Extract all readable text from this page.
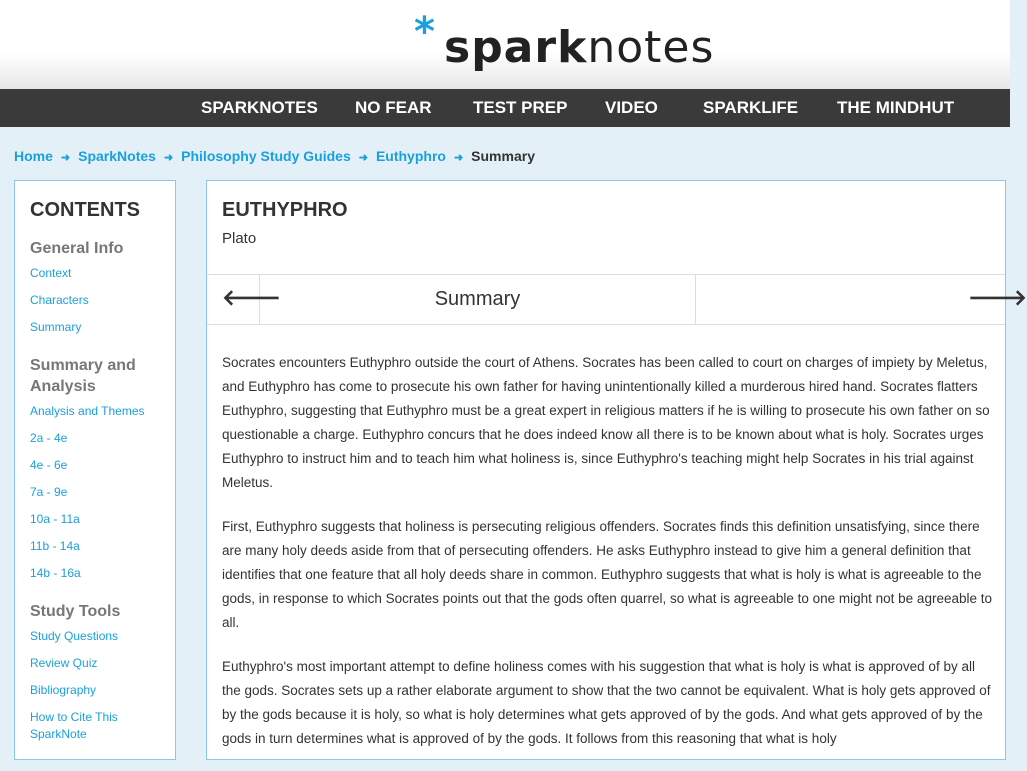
* sparknotes
SPARKNOTES NO FEAR TEST PREP VIDEO	SPARKLIFE THE MINDHUT
Home ➜ SparkNotes ➜ Philosophy Study Guides ➜ Euthyphro ➜ Summary
CONTENTS
General Info
Context
Characters
Summary
Summary and Analysis
Analysis and Themes
2a - 4e
4e - 6e
7a - 9e
10a - 11a
11b - 14a
14b - 16a
Study Tools
Study Questions
Review Quiz
Bibliography
How to Cite This SparkNote
EUTHYPHRO
Plato
🡐	Summary	🡒

Socrates encounters Euthyphro outside the court of Athens. Socrates has been called to court on charges of impiety by Meletus, and Euthyphro has come to prosecute his own father for having unintentionally killed a murderous hired hand. Socrates flatters Euthyphro, suggesting that Euthyphro must be a great expert in religious matters if he is willing to prosecute his own father on so questionable a charge. Euthyphro concurs that he does indeed know all there is to be known about what is holy. Socrates urges Euthyphro to instruct him and to teach him what holiness is, since Euthyphro's teaching might help Socrates in his trial against Meletus.

First, Euthyphro suggests that holiness is persecuting religious offenders. Socrates finds this definition unsatisfying, since there are many holy deeds aside from that of persecuting offenders. He asks Euthyphro instead to give him a general definition that identifies that one feature that all holy deeds share in common. Euthyphro suggests that what is holy is what is agreeable to the gods, in response to which Socrates points out that the gods often quarrel, so what is agreeable to one might not be agreeable to all.

Euthyphro's most important attempt to define holiness comes with his suggestion that what is holy is what is approved of by all the gods. Socrates sets up a rather elaborate argument to show that the two cannot be equivalent. What is holy gets approved of by the gods because it is holy, so what is holy determines what gets approved of by the gods. And what gets approved of by the gods in turn determines what is approved of by the gods. It follows from this reasoning that what is holy
